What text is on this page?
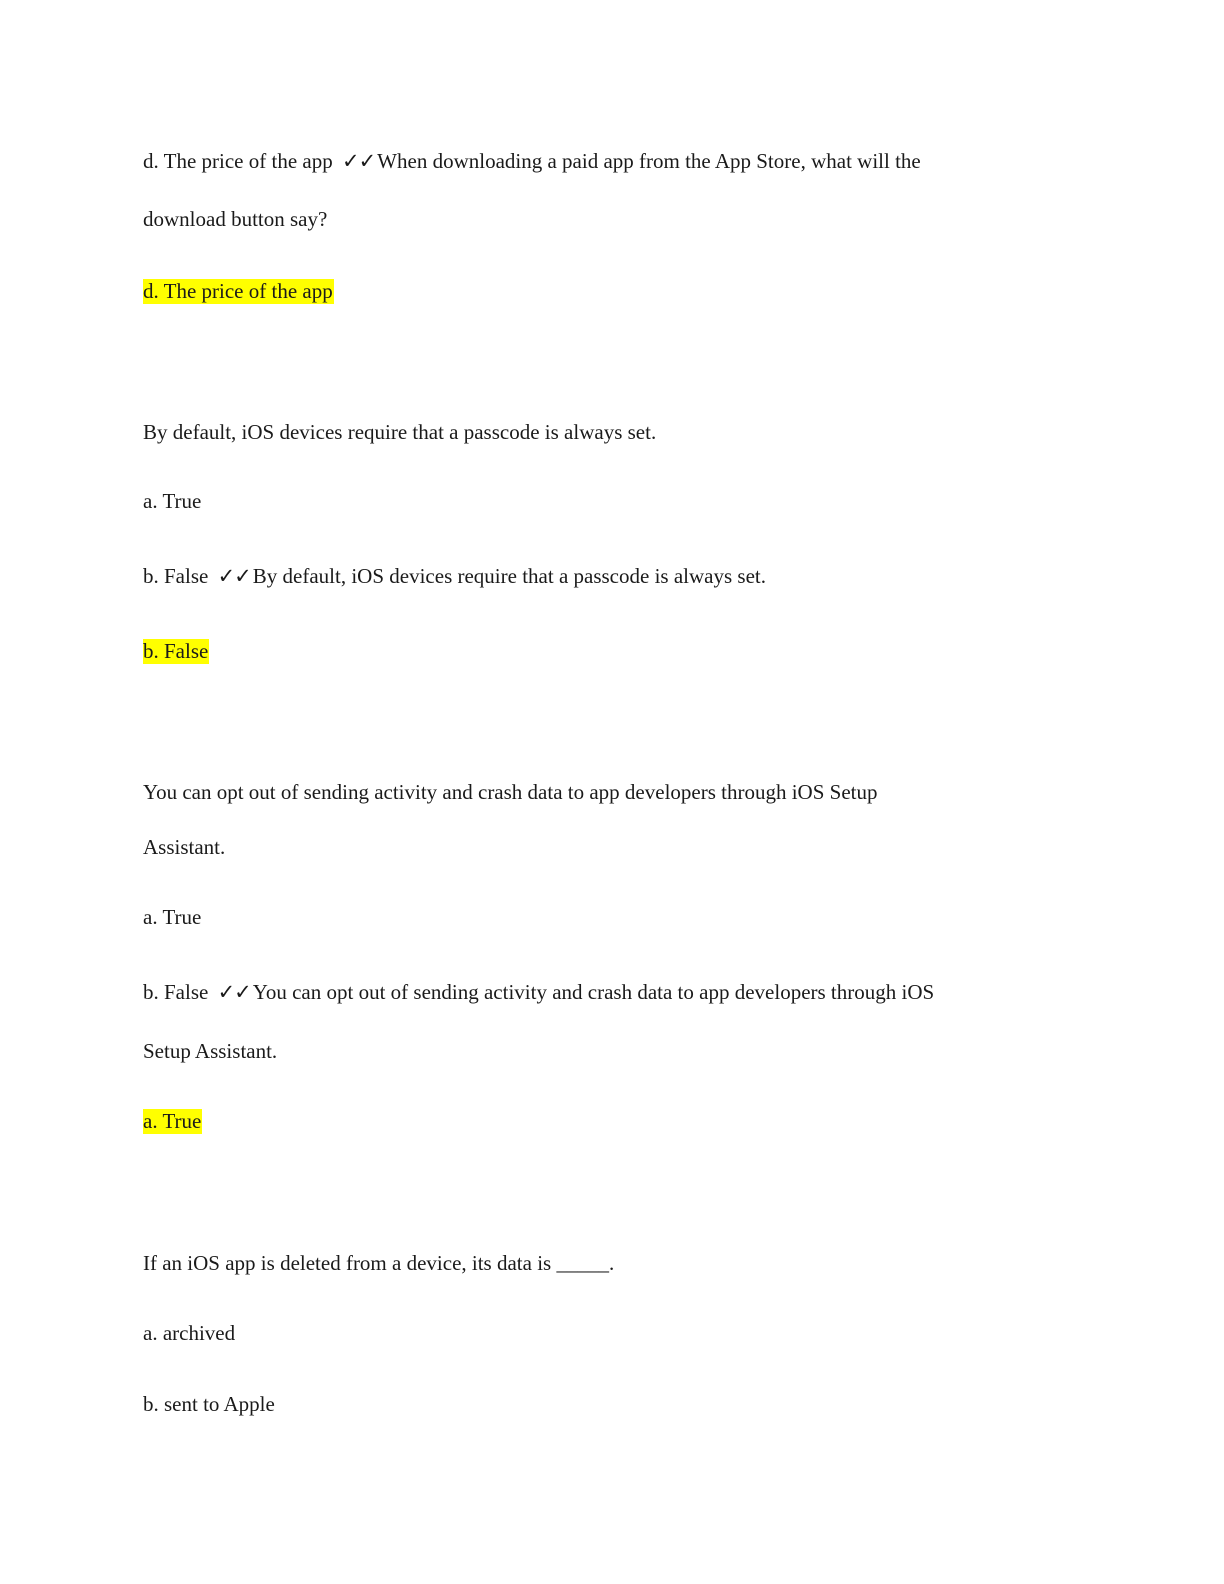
d. The price of the app ✓✓When downloading a paid app from the App Store, what will the
download button say?
d. The price of the app
By default, iOS devices require that a passcode is always set.
a. True
b. False ✓✓By default, iOS devices require that a passcode is always set.
b. False
You can opt out of sending activity and crash data to app developers through iOS Setup
Assistant.
a. True
b. False ✓✓You can opt out of sending activity and crash data to app developers through iOS
Setup Assistant.
a. True
If an iOS app is deleted from a device, its data is _____.
a. archived
b. sent to Apple
